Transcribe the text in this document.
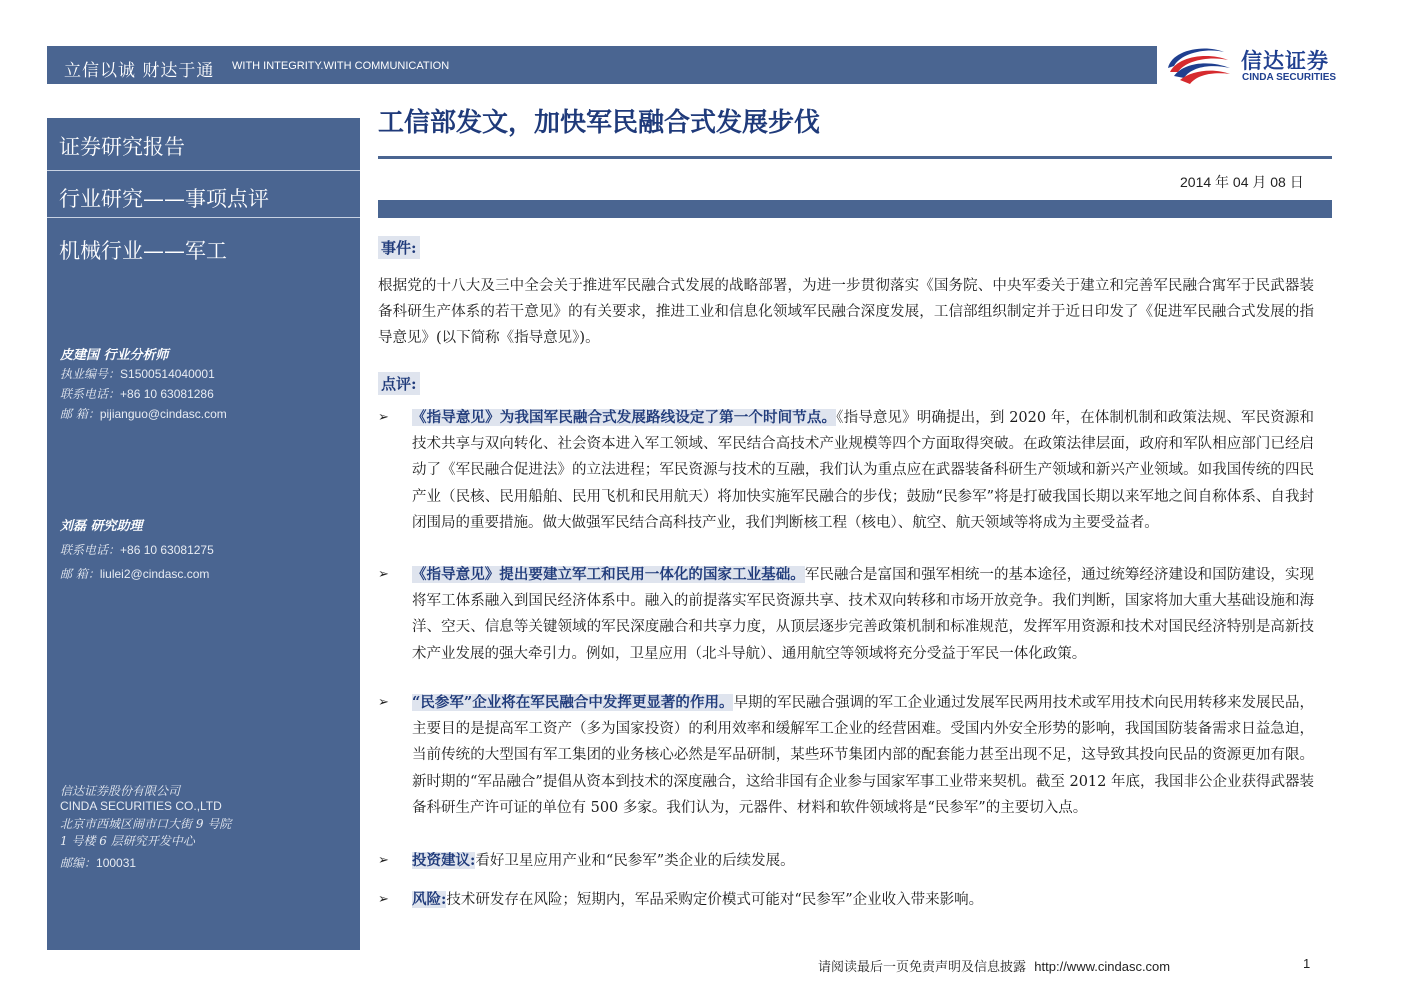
立信以诚 财达于通 WITH INTEGRITY.WITH COMMUNICATION	信达证券
CINDA SECURITIES
证券研究报告
行业研究——事项点评
机械行业——军工
皮建国 行业分析师
执业编号：S1500514040001
联系电话：+86 10 63081286
邮 箱：pijianguo@cindasc.com
刘磊 研究助理
联系电话：+86 10 63081275
邮 箱：liulei2@cindasc.com
信达证券股份有限公司
CINDA SECURITIES CO.,LTD
北京市西城区闹市口大街 9 号院
1 号楼 6 层研究开发中心
邮编：100031
工信部发文，加快军民融合式发展步伐
2014 年 04 月 08 日
事件:
根据党的十八大及三中全会关于推进军民融合式发展的战略部署，为进一步贯彻落实《国务院、中央军委关于建立和完善军民融合寓军于民武器装备科研生产体系的若干意见》的有关要求，推进工业和信息化领域军民融合深度发展，工信部组织制定并于近日印发了《促进军民融合式发展的指导意见》(以下简称《指导意见》)。
点评:
➢ 《指导意见》为我国军民融合式发展路线设定了第一个时间节点。《指导意见》明确提出，到 2020 年，在体制机制和政策法规、军民资源和技术共享与双向转化、社会资本进入军工领域、军民结合高技术产业规模等四个方面取得突破。在政策法律层面，政府和军队相应部门已经启动了《军民融合促进法》的立法进程；军民资源与技术的互融，我们认为重点应在武器装备科研生产领域和新兴产业领域。如我国传统的四民产业（民核、民用船舶、民用飞机和民用航天）将加快实施军民融合的步伐；鼓励“民参军”将是打破我国长期以来军地之间自称体系、自我封闭围局的重要措施。做大做强军民结合高科技产业，我们判断核工程（核电）、航空、航天领域等将成为主要受益者。
➢ 《指导意见》提出要建立军工和民用一体化的国家工业基础。军民融合是富国和强军相统一的基本途径，通过统筹经济建设和国防建设，实现将军工体系融入到国民经济体系中。融入的前提落实军民资源共享、技术双向转移和市场开放竞争。我们判断，国家将加大重大基础设施和海洋、空天、信息等关键领域的军民深度融合和共享力度，从顶层逐步完善政策机制和标准规范，发挥军用资源和技术对国民经济特别是高新技术产业发展的强大牵引力。例如，卫星应用（北斗导航）、通用航空等领域将充分受益于军民一体化政策。
➢ “民参军”企业将在军民融合中发挥更显著的作用。早期的军民融合强调的军工企业通过发展军民两用技术或军用技术向民用转移来发展民品，主要目的是提高军工资产（多为国家投资）的利用效率和缓解军工企业的经营困难。受国内外安全形势的影响，我国国防装备需求日益急迫，当前传统的大型国有军工集团的业务核心必然是军品研制，某些环节集团内部的配套能力甚至出现不足，这导致其投向民品的资源更加有限。新时期的“军品融合”提倡从资本到技术的深度融合，这给非国有企业参与国家军事工业带来契机。截至 2012 年底，我国非公企业获得武器装备科研生产许可证的单位有 500 多家。我们认为，元器件、材料和软件领域将是“民参军”的主要切入点。
➢ 投资建议:看好卫星应用产业和“民参军”类企业的后续发展。
➢ 风险:技术研发存在风险；短期内，军品采购定价模式可能对“民参军”企业收入带来影响。
请阅读最后一页免责声明及信息披露 http://www.cindasc.com	1
